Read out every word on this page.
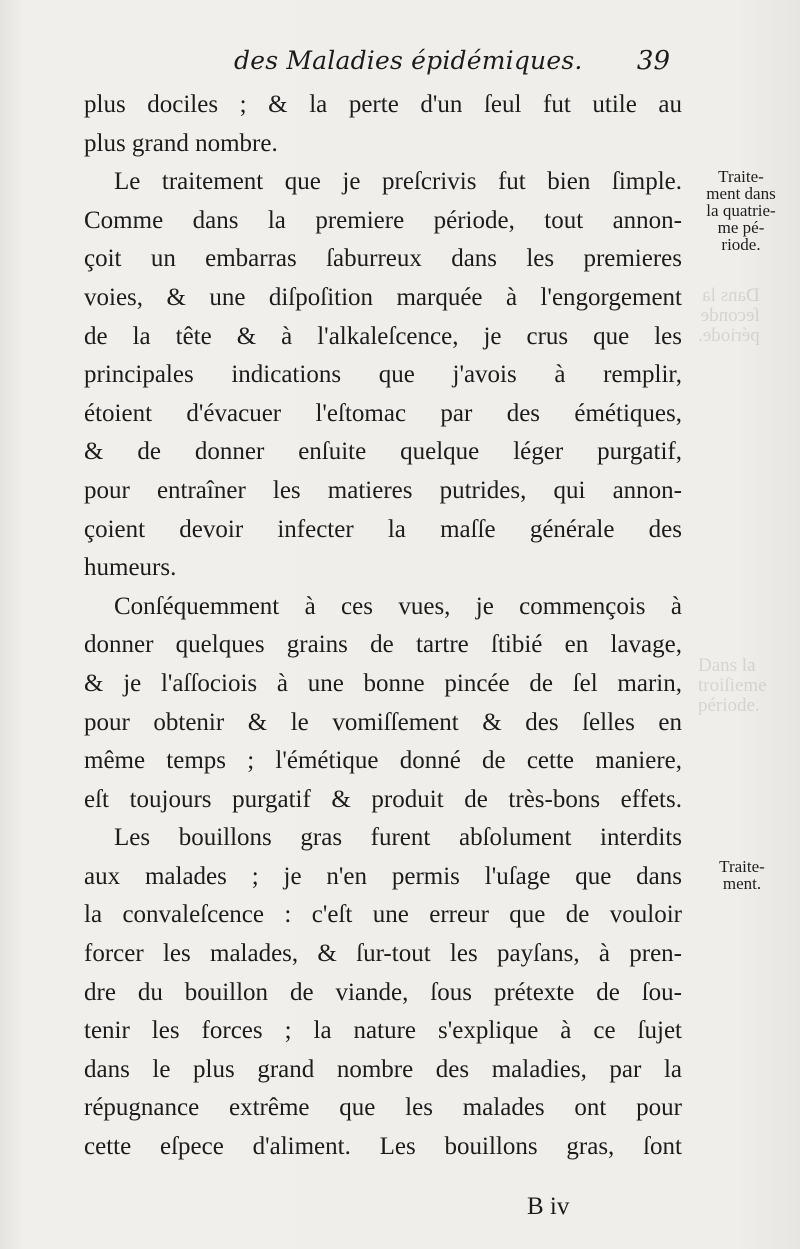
des Maladies épidémiques. 39
Dans la
ſeconde
période.
Dans la
troiſieme
période.
plus dociles ; & la perte d'un ſeul fut utile au
plus grand nombre.
Le traitement que je preſcrivis fut bien ſimple.
Comme dans la premiere période, tout annon-
çoit un embarras ſaburreux dans les premieres
voies, & une diſpoſition marquée à l'engorgement
de la tête & à l'alkaleſcence, je crus que les
principales indications que j'avois à remplir,
étoient d'évacuer l'eſtomac par des émétiques,
& de donner enſuite quelque léger purgatif,
pour entraîner les matieres putrides, qui annon-
çoient devoir infecter la maſſe générale des
humeurs.
Conſéquemment à ces vues, je commençois à
donner quelques grains de tartre ſtibié en lavage,
& je l'aſſociois à une bonne pincée de ſel marin,
pour obtenir & le vomiſſement & des ſelles en
même temps ; l'émétique donné de cette maniere,
eſt toujours purgatif & produit de très-bons effets.
Les bouillons gras furent abſolument interdits
aux malades ; je n'en permis l'uſage que dans
la convaleſcence : c'eſt une erreur que de vouloir
forcer les malades, & ſur-tout les payſans, à pren-
dre du bouillon de viande, ſous prétexte de ſou-
tenir les forces ; la nature s'explique à ce ſujet
dans le plus grand nombre des maladies, par la
répugnance extrême que les malades ont pour
cette eſpece d'aliment. Les bouillons gras, ſont
Traite-
ment dans
la quatrie-
me pé-
riode.
Traite-
ment.
B iv
